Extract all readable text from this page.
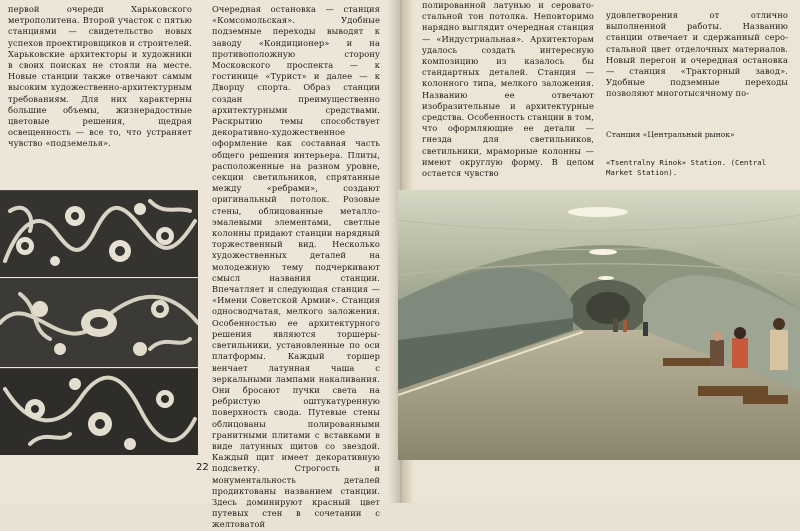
первой очереди Харьковского метрополитена. Второй участок с пятью станциями — свидетельство новых успехов проектировщиков и строителей. Харьковские архитекторы и художники в своих поисках не стояли на месте. Новые станции также отвечают самым высоким художественно-архитектурным требованиям. Для них характерны большие объемы, жизнерадостные цветовые решения, щедрая освещенность — все то, что устраняет чувство «подземелья».

Очередная остановка — станция «Комсомольская». Удобные подземные переходы выводят к заводу «Кондиционер» и на противоположную сторону Московского проспекта — к гостинице «Турист» и далее — к Дворцу спорта. Образ станции создан преимущественно архитектурными средствами. Раскрытию темы способствует декоративно-художественное оформление как составная часть общего решения интерьера. Плиты, расположенные на разном уровне, секции светильников, спрятанные между «ребрами», создают оригинальный потолок. Розовые стены, облицованные металло-эмалевыми элементами, светлые колонны придают станции нарядный торжественный вид. Несколько художественных деталей на молодежную тему подчеркивают смысл названия станции. Впечатляет и следующая станция — «Имени Советской Армии». Станция односводчатая, мелкого заложения. Особенностью ее архитектурного решения являются торшеры-светильники, установленные по оси платформы. Каждый торшер венчает латунная чаша с зеркальными лампами накаливания. Они бросают пучки света на ребристую оштукатуренную поверхность свода. Путевые стены облицованы полированными гранитными плитами с вставками в виде латунных щитов со звездой. Каждый щит имеет декоративную подсветку. Строгость и монументальность деталей продиктованы названием станции. Здесь доминируют красный цвет путевых стен в сочетании с желтоватой

22

полированной латунью и серовато-стальной тон потолка. Неповторимо нарядно выглядит очередная станция — «Индустриальная». Архитекторам удалось создать интересную композицию из казалось бы стандартных деталей. Станция — колонного типа, мелкого заложения. Названию ее отвечают изобразительные и архитектурные средства. Особенность станции в том, что оформляющие ее детали — гнезда для светильников, светильники, мраморные колонны — имеют округлую форму. В целом остается чувство

удовлетворения от отлично выполненной работы. Названию станции отвечает и сдержанный серо-стальной цвет отделочных материалов. Новый перегон и очередная остановка — станция «Тракторный завод». Удобные подземные переходы позволяют многотысячному по-

Станция «Центральный рынок»
«Tsentralny Rinok» Station. (Central Market Station).
